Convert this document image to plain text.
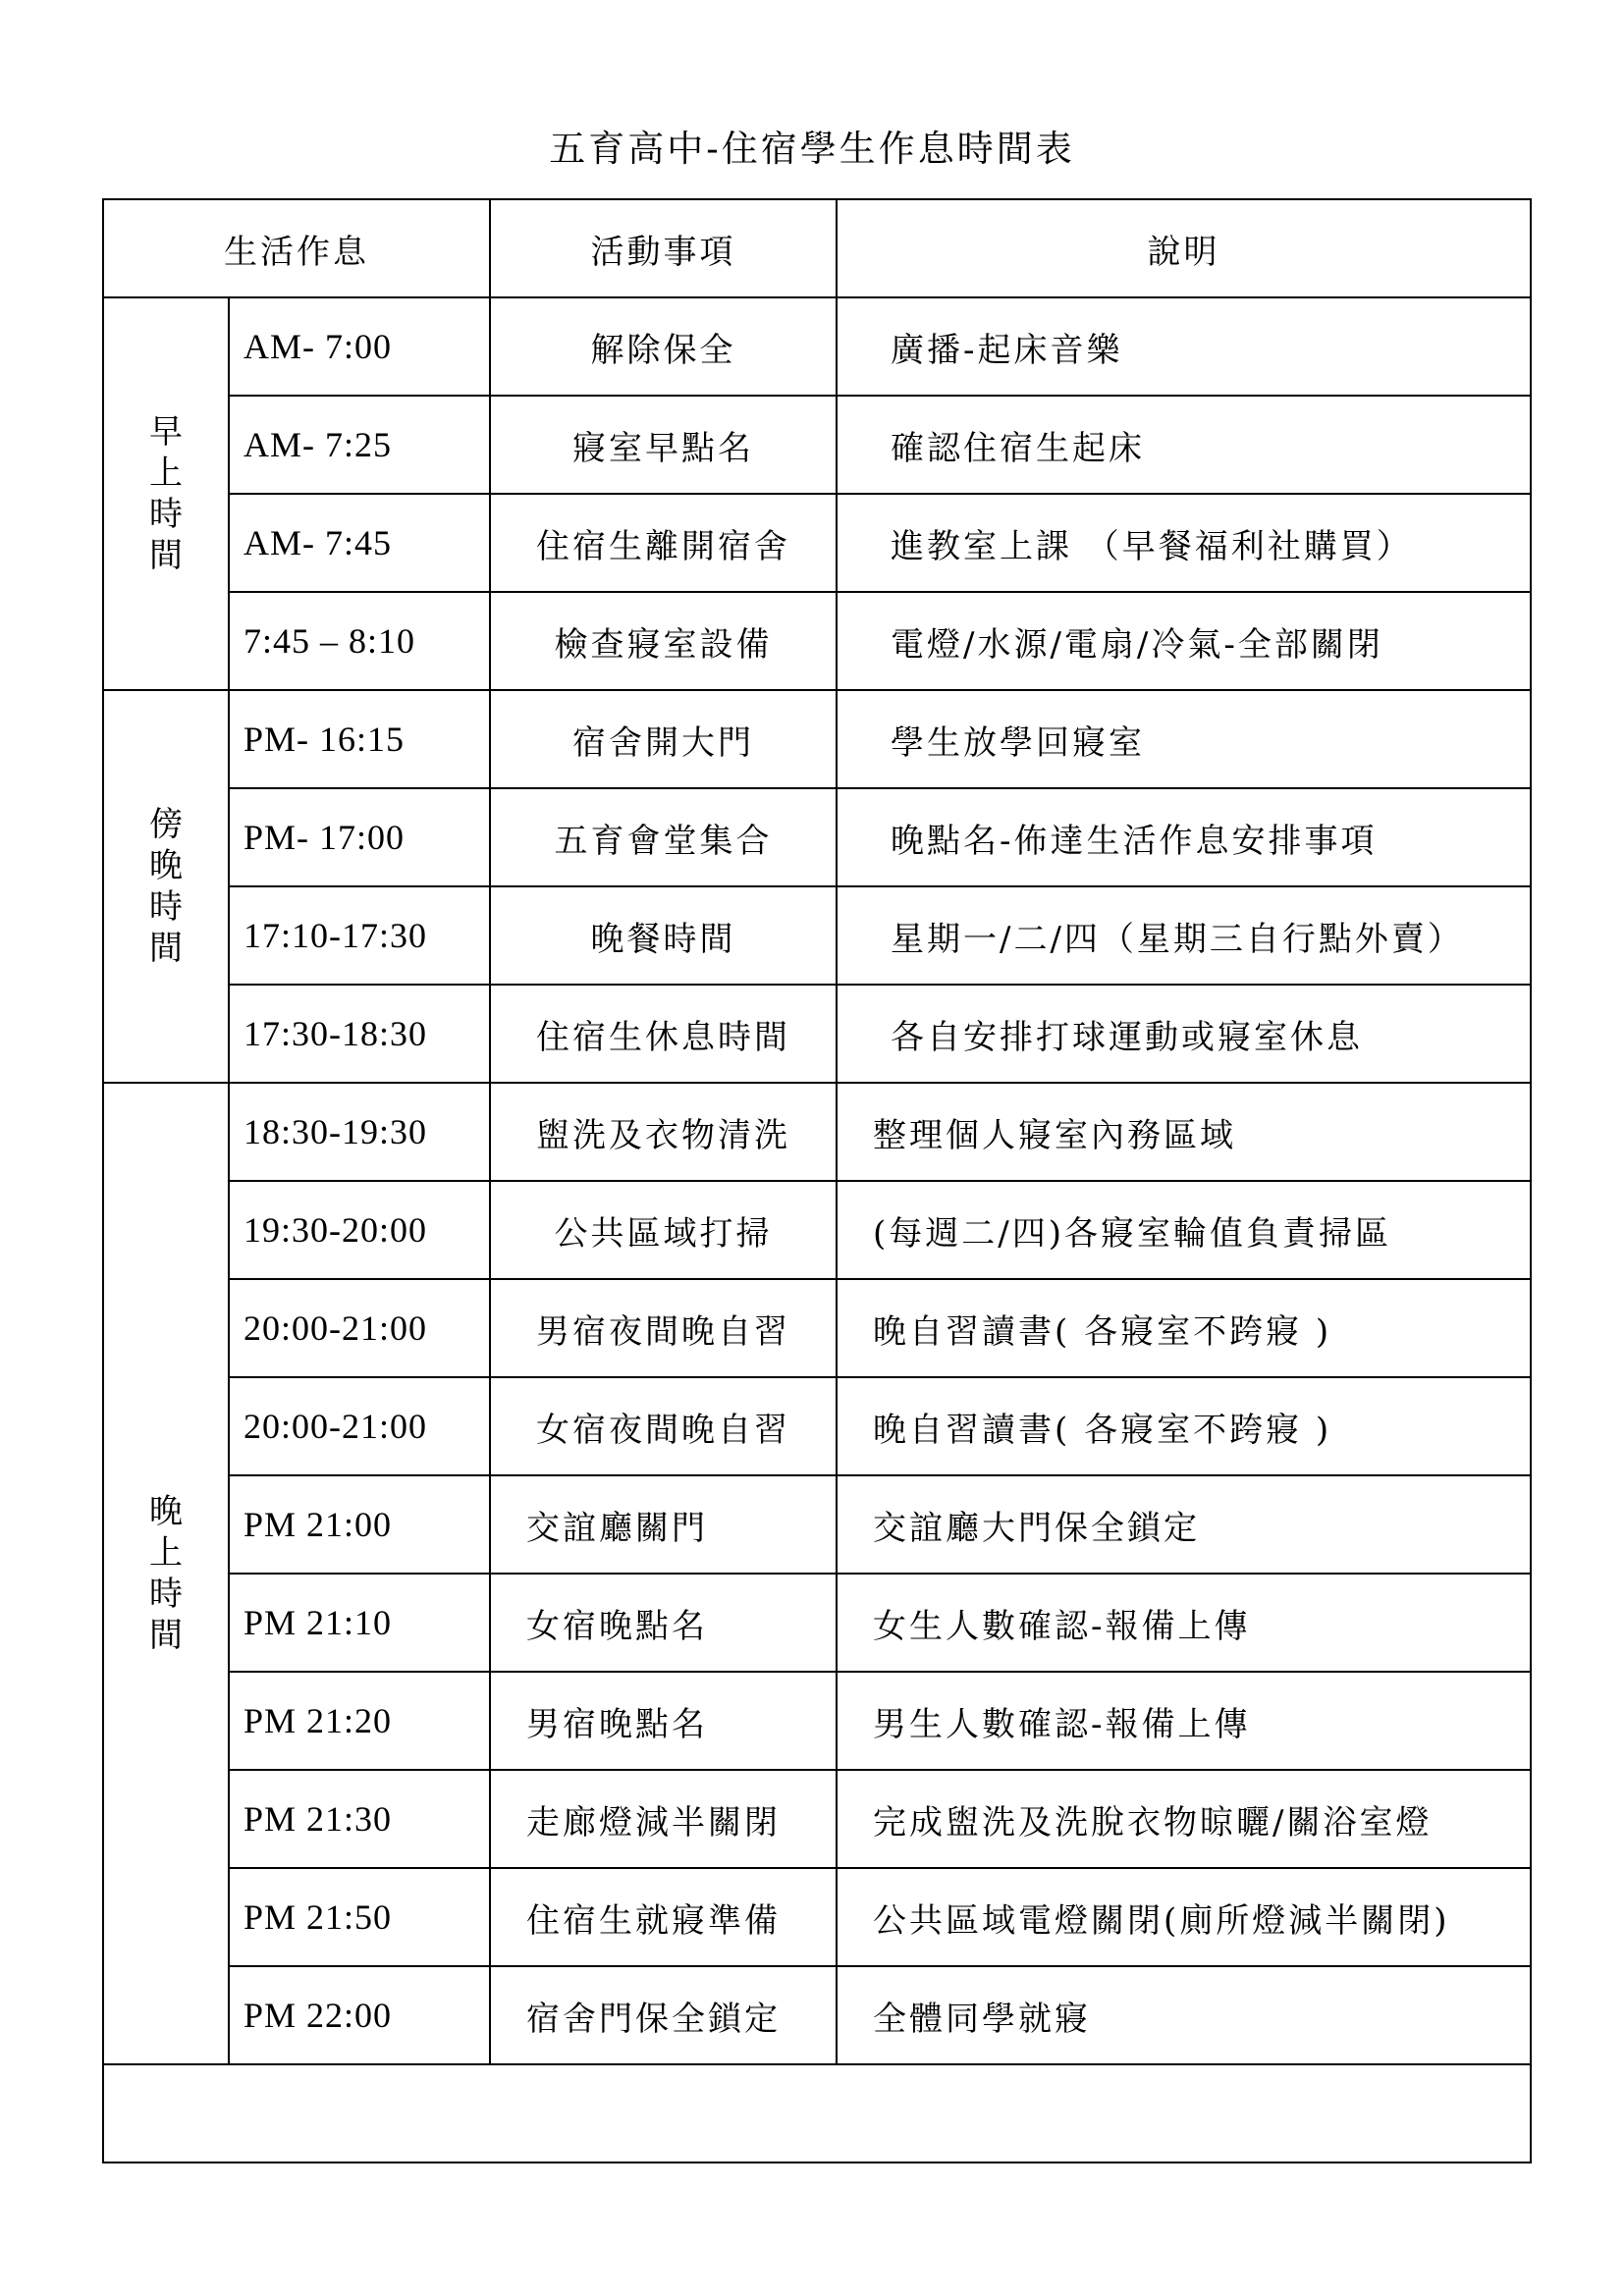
五育高中-住宿學生作息時間表
生活作息		活動事項	說明
早上時間	AM- 7:00	解除保全	廣播-起床音樂
	AM- 7:25	寢室早點名	確認住宿生起床
	AM- 7:45	住宿生離開宿舍	進教室上課 （早餐福利社購買）
	7:45 – 8:10	檢查寢室設備	電燈/水源/電扇/冷氣-全部關閉
傍晚時間	PM- 16:15	宿舍開大門	學生放學回寢室
	PM- 17:00	五育會堂集合	晚點名-佈達生活作息安排事項
	17:10-17:30	晚餐時間	星期一/二/四（星期三自行點外賣）
	17:30-18:30	住宿生休息時間	各自安排打球運動或寢室休息
晚上時間	18:30-19:30	盥洗及衣物清洗	整理個人寢室內務區域
	19:30-20:00	公共區域打掃	(每週二/四)各寢室輪值負責掃區
	20:00-21:00	男宿夜間晚自習	晚自習讀書( 各寢室不跨寢 )
	20:00-21:00	女宿夜間晚自習	晚自習讀書( 各寢室不跨寢 )
	PM 21:00	交誼廳關門	交誼廳大門保全鎖定
	PM 21:10	女宿晚點名	女生人數確認-報備上傳
	PM 21:20	男宿晚點名	男生人數確認-報備上傳
	PM 21:30	走廊燈減半關閉	完成盥洗及洗脫衣物晾曬/關浴室燈
	PM 21:50	住宿生就寢準備	公共區域電燈關閉(廁所燈減半關閉)
	PM 22:00	宿舍門保全鎖定	全體同學就寢
